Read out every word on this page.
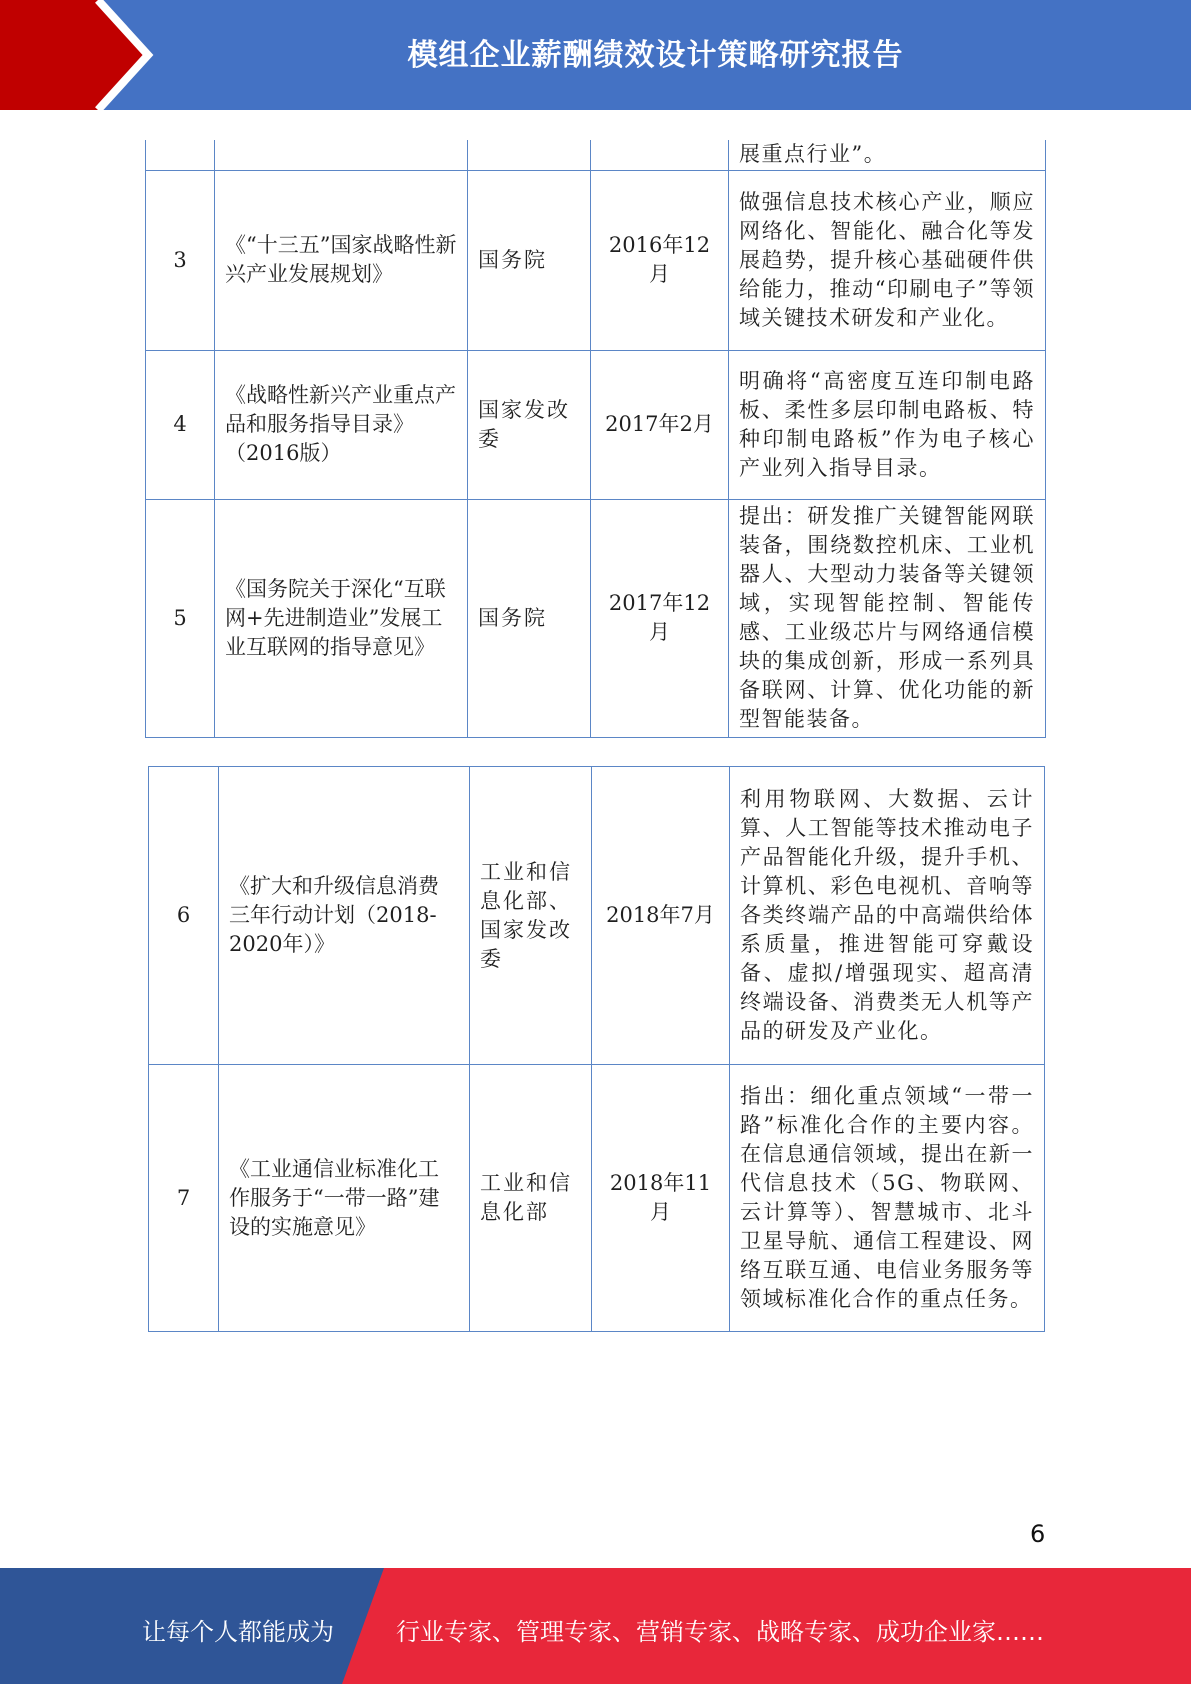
模组企业薪酬绩效设计策略研究报告
				展重点行业”。
3	《“十三五”国家战略性新兴产业发展规划》	国务院	2016年12月	做强信息技术核心产业，顺应网络化、智能化、融合化等发展趋势，提升核心基础硬件供给能力，推动“印刷电子”等领域关键技术研发和产业化。
4	《战略性新兴产业重点产品和服务指导目录》（2016版）	国家发改委	2017年2月	明确将“高密度互连印制电路板、柔性多层印制电路板、特种印制电路板”作为电子核心产业列入指导目录。
5	《国务院关于深化“互联网+先进制造业”发展工业互联网的指导意见》	国务院	2017年12月	提出：研发推广关键智能网联装备，围绕数控机床、工业机器人、大型动力装备等关键领域，实现智能控制、智能传感、工业级芯片与网络通信模块的集成创新，形成一系列具备联网、计算、优化功能的新型智能装备。
6	《扩大和升级信息消费三年行动计划（2018-2020年）》	工业和信息化部、国家发改委	2018年7月	利用物联网、大数据、云计算、人工智能等技术推动电子产品智能化升级，提升手机、计算机、彩色电视机、音响等各类终端产品的中高端供给体系质量，推进智能可穿戴设备、虚拟/增强现实、超高清终端设备、消费类无人机等产品的研发及产业化。
7	《工业通信业标准化工作服务于“一带一路”建设的实施意见》	工业和信息化部	2018年11月	指出：细化重点领域“一带一路”标准化合作的主要内容。在信息通信领域，提出在新一代信息技术（5G、物联网、云计算等）、智慧城市、北斗卫星导航、通信工程建设、网络互联互通、电信业务服务等领域标准化合作的重点任务。
6
让每个人都能成为	行业专家、管理专家、营销专家、战略专家、成功企业家……
